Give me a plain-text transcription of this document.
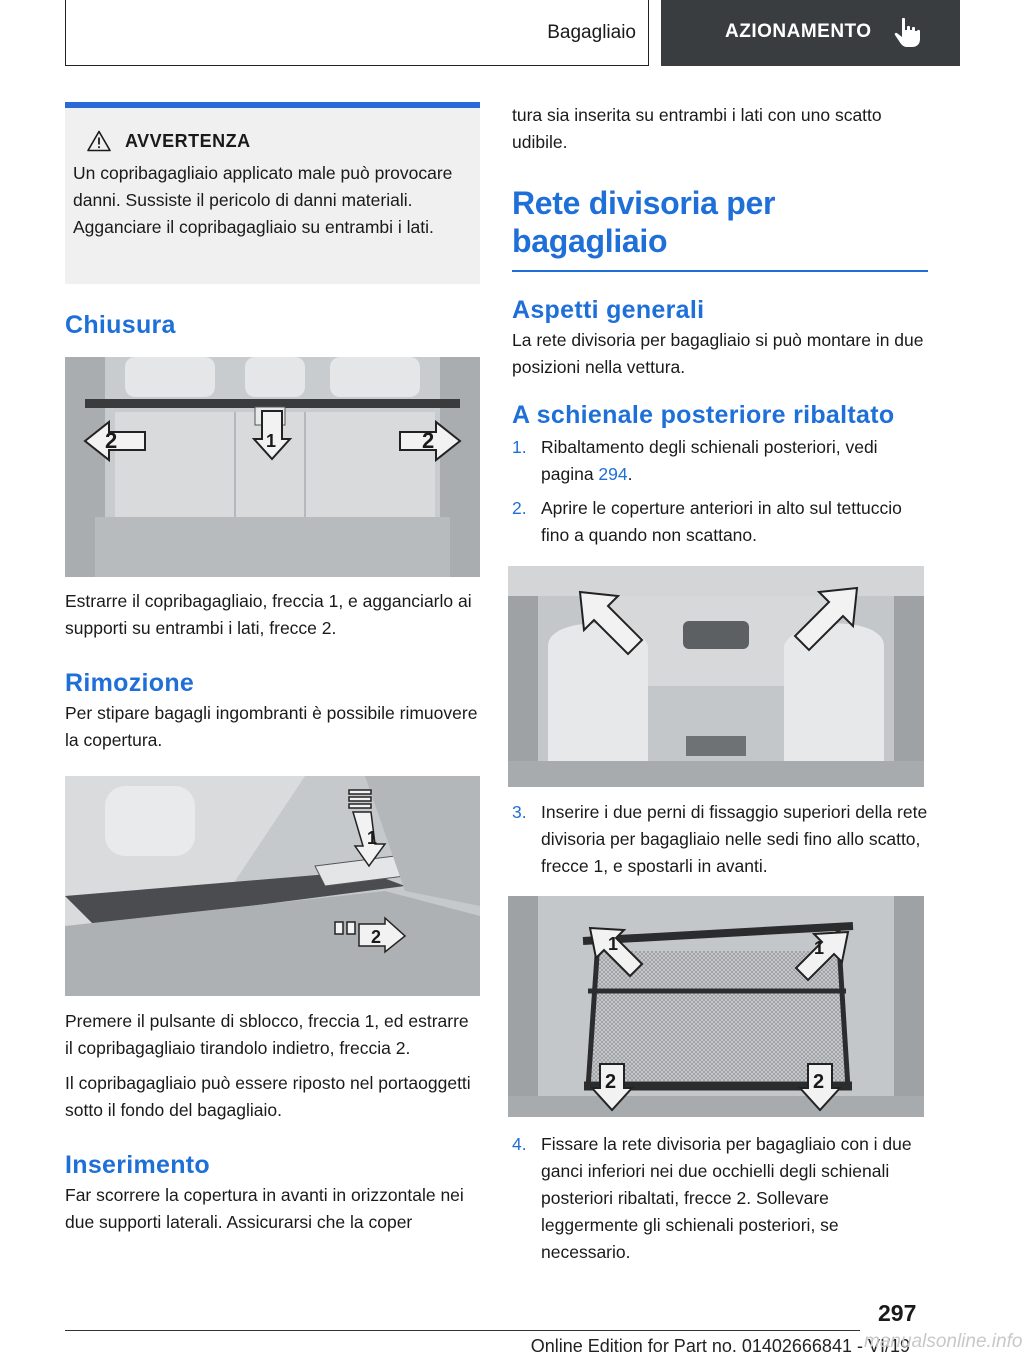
Bagagliaio	AZIONAMENTO
AVVERTENZA

Un copribagagliaio applicato male può provocare danni. Sussiste il pericolo di danni materiali. Agganciare il copribagagliaio su entrambi i lati.

Chiusura
2	1	2

Estrarre il copribagagliaio, freccia 1, e agganciarlo ai supporti su entrambi i lati, frecce 2.

Rimozione

Per stipare bagagli ingombranti è possibile rimuovere la copertura.

1
2

Premere il pulsante di sblocco, freccia 1, ed estrarre il copribagagliaio tirandolo indietro, freccia 2.

Il copribagagliaio può essere riposto nel portaoggetti sotto il fondo del bagagliaio.

Inserimento

Far scorrere la copertura in avanti in orizzontale nei due supporti laterali. Assicurarsi che la coper

tura sia inserita su entrambi i lati con uno scatto udibile.

Rete divisoria per bagagliaio
Aspetti generali

La rete divisoria per bagagliaio si può montare in due posizioni nella vettura.

A schienale posteriore ribaltato
1. Ribaltamento degli schienali posteriori, vedi pagina 294.
2. Aprire le coperture anteriori in alto sul tettuccio fino a quando non scattano.
3. Inserire i due perni di fissaggio superiori della rete divisoria per bagagliaio nelle sedi fino allo scatto, frecce 1, e spostarli in avanti.
1	1
2	2
4. Fissare la rete divisoria per bagagliaio con i due ganci inferiori nei due occhielli degli schienali posteriori ribaltati, frecce 2. Sollevare leggermente gli schienali posteriori, se necessario.
297
Online Edition for Part no. 01402666841 - VI/19
manualsonline.info
